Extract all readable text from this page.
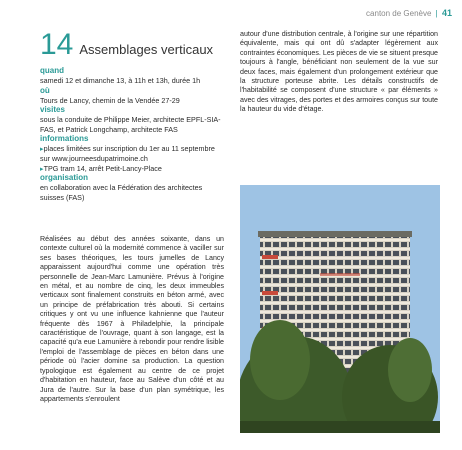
canton de Genève | 41
14 Assemblages verticaux
quand
samedi 12 et dimanche 13, à 11h et 13h, durée 1h
où
Tours de Lancy, chemin de la Vendée 27-29
visites
sous la conduite de Philippe Meier, architecte EPFL-SIA-FAS, et Patrick Longchamp, architecte FAS
informations
▸ places limitées sur inscription du 1er au 11 septembre sur www.journeesdupatrimoine.ch
▸ TPG tram 14, arrêt Petit-Lancy-Place
organisation
en collaboration avec la Fédération des architectes suisses (FAS)

Réalisées au début des années soixante, dans un contexte culturel où la modernité commence à vaciller sur ses bases théoriques, les tours jumelles de Lancy apparaissent aujourd'hui comme une opération très personnelle de Jean-Marc Lamunière. Prévus à l'origine en métal, et au nombre de cinq, les deux immeubles verticaux sont finalement construits en béton armé, avec un principe de préfabrication très abouti. Si certains critiques y ont vu une influence kahnienne que l'auteur fréquente dès 1967 à Philadelphie, la principale caractéristique de l'ouvrage, quant à son langage, est la capacité qu'a eue Lamunière à rebondir pour rendre lisible l'emploi de l'assemblage de pièces en béton dans une période où l'acier domine sa production. La question typologique est également au centre de ce projet d'habitation en hauteur, face au Salève d'un côté et au Jura de l'autre. Sur la base d'un plan symétrique, les appartements s'enroulent

autour d'une distribution centrale, à l'origine sur une répartition équivalente, mais qui ont dû s'adapter légèrement aux contraintes économiques. Les pièces de vie se situent presque toujours à l'angle, bénéficiant non seulement de la vue sur deux faces, mais également d'un prolongement extérieur que la structure porteuse abrite. Les détails constructifs de l'habitabilité se composent d'une structure « par éléments » avec des vitrages, des portes et des armoires conçus sur toute la hauteur du vide d'étage.
